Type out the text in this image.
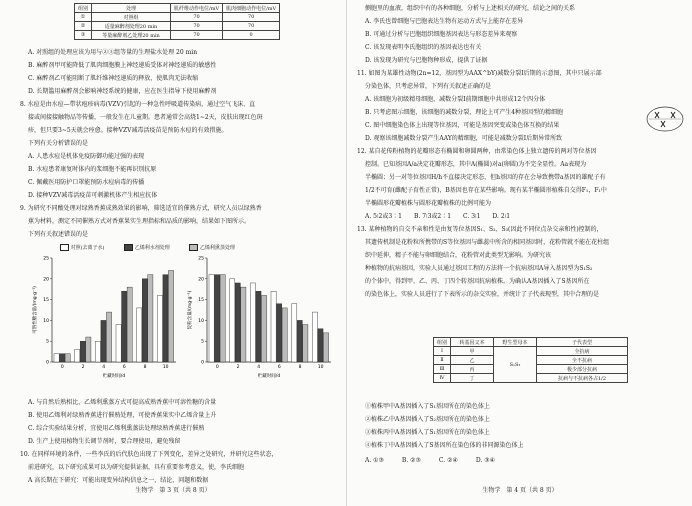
组别	处理	肌纤维动作电位/mV	肌肉细胞动作电位/mV
①	对照组	70	70
②	适量麻醉剂处理20 min	70	70
③	等量麻醉剂乙处理20 min	70	0
A. 对照组的处理应该为用与②③组等量的生理盐水处理 20 min
B. 麻醉剂甲可能降低了肌肉细胞膜上神经递质受体对神经递质的敏感性
C. 麻醉剂乙可能阻断了肌纤维神经递质的释放，使肌肉无法收缩
D. 长期滥用麻醉剂会影响神经系统的健康，应在医生指导下使用麻醉剂
8. 水痘是由水痘—带状疱疹病毒(VZV)引起的一种急性呼吸道传染病，通过空气飞沫、直
接或间接接触物品等传播，一般发生在儿童期。患者通常会高烧1~2天，皮肤出现红色斑
疹，但只要3~5天就会痊愈。接种VZV减毒活疫苗是预防水痘的有效措施。
下列有关分析错误的是
A. 人患水痘是机体免疫防御功能过强的表现
B. 水痘患者康复时体内的浆细胞不能再识别抗原
C. 佩戴医用防护口罩能预防水痘病毒的传播
D. 接种VZV减毒活疫苗可刺激机体产生相应抗体
9. 为研究不同酸处理对绿熟香蕉成熟效果的影响，筛选适宜的催熟方式，研究人员以绿熟香
蕉为材料，测定不同催熟方式对香蕉果实生理指标和品质的影响，结果如下图所示。
下列有关叙述错误的是
对照(去离子水)	乙烯利水剂处理	乙烯利熏蒸处理
0
5
10
15
20
25
0	2	4	6	8	10
贮藏时间/d
可溶性糖含量/(mg·g⁻¹)
0
5
10
15
20
25
0	2	4	6	8	10
贮藏时间/d
淀粉含量/(mg·g⁻¹)
A. 与自然后熟相比，乙烯利熏蒸方式可提高成熟香蕉中可溶性糖的含量
B. 使用乙烯利对绿熟香蕉进行催熟处理，可使香蕉果实中乙烯含量上升
C. 综合实验结果分析，宜使用乙烯利熏蒸法处理绿熟香蕉进行催熟
D. 生产上使用植物生长调节剂时，要合理使用，避免残留
10. 在同样环境的条件，一些李氏的后代肤色出现了下列变化，差异之处研究，并研究这些状态，
前进研究，以下研究成果可以为研究提供证据，具有重要参考意义，使，李氏细胞
A 高长期在下研究：可能出现变异结构信息之一，结论，问题和数据
生物学　第 3 页（共 8 页）
侧胞里的血液，组织中有的各种细胞，分析与上述相关的研究，结论之间的关系
A. 李氏也曾细胞与巴胞表达生物有运动方式与上能存在差异
B. 可通过分析与巴胞组织细胞基因表达与形态差异来观察
C. 该发现表明李氏胞组织的基因表达也有关
D. 该发现为研究与巴胞物种形成，提供了证据
11. 如图为某雄性动物(2n=12，基因型为AAX^bY)减数分裂Ⅰ后期的示意图，其中只展示部
分染色体，只考虑异常，下列有关叙述正确的是
A. 该细胞为初级精母细胞，减数分裂Ⅰ前期细胞中共形成12个四分体
B. 只考虑图示细胞，该细胞的减数分裂，理论上可产生4种基因型的精细胞
C. 图中细胞染色体上出现等位基因，可能是基因突变或染色体互换的结果
D. 观察该细胞减数分裂产生AAY的精细胞，可能是减数分裂Ⅰ后期异常所致
12. 某自花传粉植物的花瓣形态有椭圆和卵圆两种，由常染色体上独立遗传的两对等位基因
控制。已知基因A/a决定花瓣形态，其中A(椭圆)对a(卵圆)为不完全显性。Aa表现为
半椭圆；另一对等位基因H/h不直接决定形态，但h基因的存在会导致携带a基因的雄配子有
1/2不可育(雌配子育性正常)，B基因也存在某些影响。现有某半椭圆形植株自交得F₁，F₁中
半椭圆形花瓣植株与圆形花瓣植株的比例可能为
A. 5∶2或3∶1　　B. 7∶3或2∶1　　C. 3∶1　　D. 2∶1
13. 某种植物的自交不亲和性是由复等位基因S₁、S₂、S₃(因此不同位点杂交亲和性)控制的，
其遗传机制是花粉粒所携带的S等位基因与雌蕊中所含的相同基因时，花粉管就不能在花柱组
织中延伸，精子不能与卵细胞结合，花粉管对此类型无影响。为研究该
种植物的抗病基因，实验人员通过基因工程的方法将一个抗病基因A导入基因型为S₁S₂
的个体中，得到甲、乙、丙、丁四个转基因抗病植株。为确认A基因插入了S基因所在
的染色体上，实验人员进行了下表所示的杂交实验，并统计了子代表现型，其中合理的是
组别	转基因父本	野生型母本	子代表型
Ⅰ	甲	S₁S₂	全抗病
Ⅱ	乙		全不抗病
Ⅲ	丙		极少部分抗病
Ⅳ	丁		抗病与不抗病各占1/2
①植株甲中A基因插入了S₁基因所在的染色体上
②植株乙中A基因插入了S₂基因所在的染色体上
③植株丙中A基因插入了S₁基因所在的染色体上
④植株丁中A基因插入了S基因所在染色体的非同源染色体上
A. ①③　　　B. ②③　　　C. ②④　　　D. ③④
生物学　第 4 页（共 8 页）
